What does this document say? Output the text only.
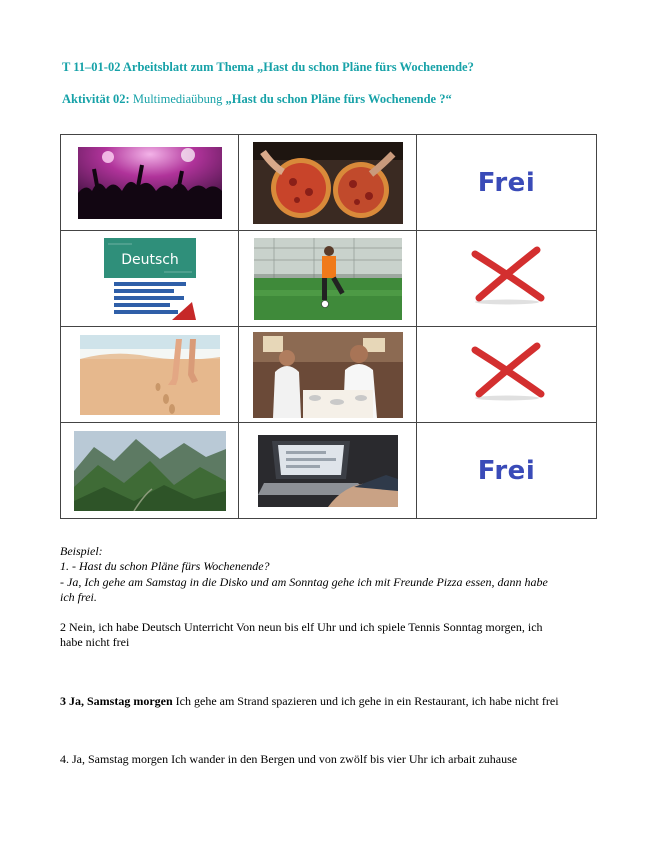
T 11–01-02 Arbeitsblatt zum Thema „Hast du schon Pläne fürs Wochenende?
Aktivität 02: Multimediaübung „Hast du schon Pläne fürs Wochenende ?“
		Frei

Deutsch

		Frei
Beispiel:
1. - Hast du schon Pläne fürs Wochenende?
- Ja, Ich gehe am Samstag in die Disko und am Sonntag gehe ich mit Freunde Pizza essen, dann habe
ich frei.
2 Nein, ich habe Deutsch Unterricht Von neun bis elf Uhr und ich spiele Tennis Sonntag morgen, ich
habe nicht frei
3 Ja, Samstag morgen Ich gehe am Strand spazieren und ich gehe in ein Restaurant, ich habe nicht frei
4. Ja, Samstag morgen Ich wander in den Bergen und von zwölf bis vier Uhr ich arbait zuhause
